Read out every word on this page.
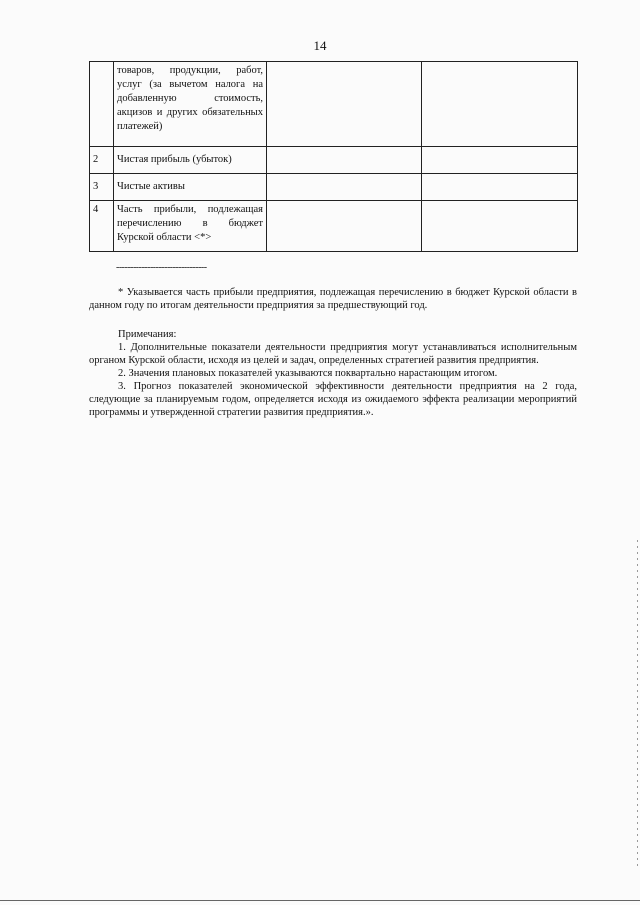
14
	товаров, продукции, работ, услуг (за вычетом налога на добавленную стоимость, акцизов и других обязательных платежей)		
2	Чистая прибыль (убыток)		
3	Чистые активы		
4	Часть прибыли, подлежащая перечислению в бюджет Курской области <*>		
--------------------------------

* Указывается часть прибыли предприятия, подлежащая перечислению в бюджет Курской области в данном году по итогам деятельности предприятия за предшествующий год.

Примечания:

1. Дополнительные показатели деятельности предприятия могут устанавливаться исполнительным органом Курской области, исходя из целей и задач, определенных стратегией развития предприятия.

2. Значения плановых показателей указываются поквартально нарастающим итогом.

3. Прогноз показателей экономической эффективности деятельности предприятия на 2 года, следующие за планируемым годом, определяется исходя из ожидаемого эффекта реализации мероприятий программы и утвержденной стратегии развития предприятия.».
